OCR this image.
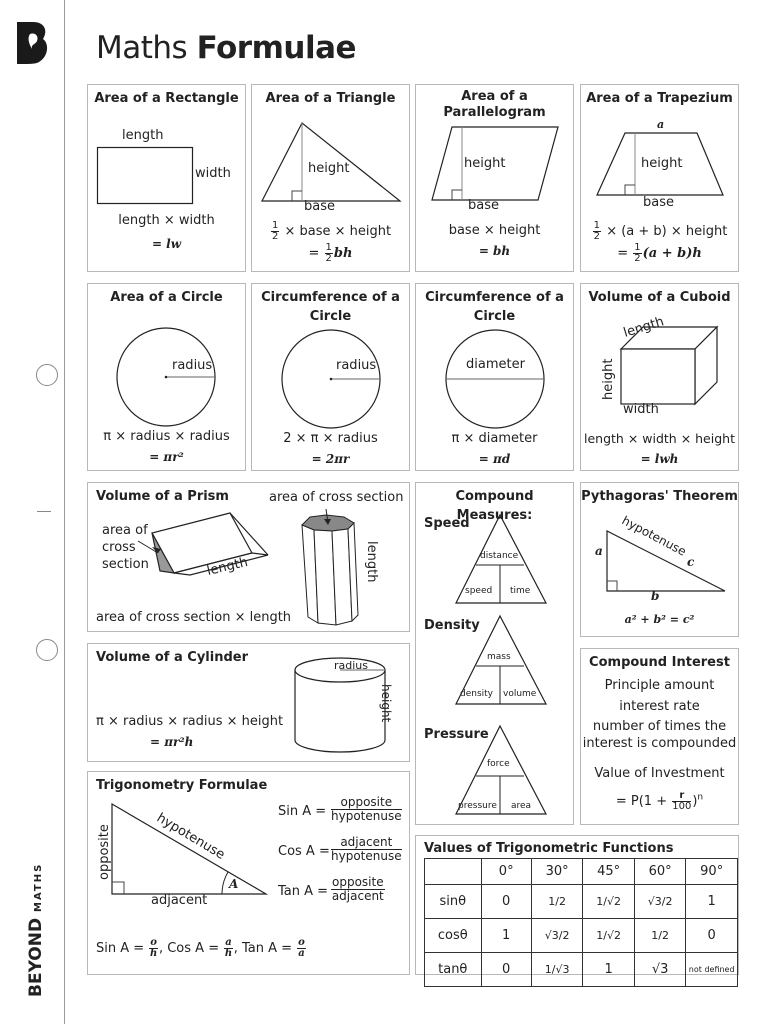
BEYOND
MATHS
Maths Formulae
Area of a Rectangle
length
width
length × width
= lw
Area of a Triangle
height
base
$\frac{1}{2}$ × base × height
= $\frac{1}{2}$ bh
Area of a Parallelogram
height
base
base × height
= bh
Area of a Trapezium
a
height
base
$\frac{1}{2} \times (a + b)$ × height
= $\frac{1}{2} (a + b)h$
Area of a Circle
radius
π × radius × radius
= πr²
Circumference of a Circle
radius
2 × π × radius
= 2πr
Circumference of a Circle
diameter
π × diameter
= πd
Volume of a Cuboid
length
height
width
length × width × height
= lwh
Volume of a Prism	area of cross section
area of
cross
section	length	length
area of cross section × length
Volume of a Cylinder
radius
height
π × radius × radius × height
= πr²h
Trigonometry Formulae
opposite	hypotenuse
A
adjacent
Sin A =
opposite
hypotenuse
Cos A =
adjacent
hypotenuse
Tan A =
opposite
adjacent
Sin $A = \frac{o}{h}$ , Cos $A = \frac{a}{h}$ , Tan $A = \frac{o}{a}$
Compound Measures:
Speed
distance
speed time
Density
mass
density volume
Pressure
force
pressure area
Pythagoras' Theorem
hypotenuse
a
c
b
a² + b² = c²
Compound Interest
Principle amount
interest rate
number of times the
interest is compounded
Value of Investment
= $P(1 + \frac{r}{100} )^n$
Values of Trigonometric Functions
	0°	30°	45°	60°	90°
sinθ	0	1/2	1/√2	√3/2	1
cosθ	1	√3/2	1/√2	1/2	0
tanθ	0	1/√3	1	√3	not defined
